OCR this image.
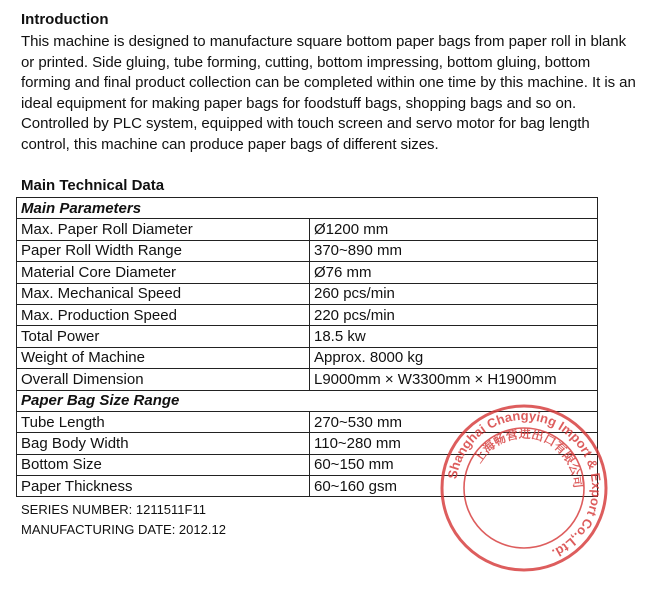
Introduction

This machine is designed to manufacture square bottom paper bags from paper roll in blank or printed. Side gluing, tube forming, cutting, bottom impressing, bottom gluing, bottom forming and final product collection can be completed within one time by this machine. It is an ideal equipment for making paper bags for foodstuff bags, shopping bags and so on. Controlled by PLC system, equipped with touch screen and servo motor for bag length control, this machine can produce paper bags of different sizes.

Main Technical Data
Main Parameters	
Max. Paper Roll Diameter	Ø1200 mm
Paper Roll Width Range	370~890 mm
Material Core Diameter	Ø76 mm
Max. Mechanical Speed	260 pcs/min
Max. Production Speed	220 pcs/min
Total Power	18.5 kw
Weight of Machine	Approx. 8000 kg
Overall Dimension	L9000mm × W3300mm × H1900mm
Paper Bag Size Range	
Tube Length	270~530 mm
Bag Body Width	110~280 mm
Bottom Size	60~150 mm
Paper Thickness	60~160 gsm

SERIES NUMBER: 1211511F11

MANUFACTURING DATE: 2012.12

Shanghai Changying Import & Export Co.,Ltd.
上海畅营进出口有限公司
